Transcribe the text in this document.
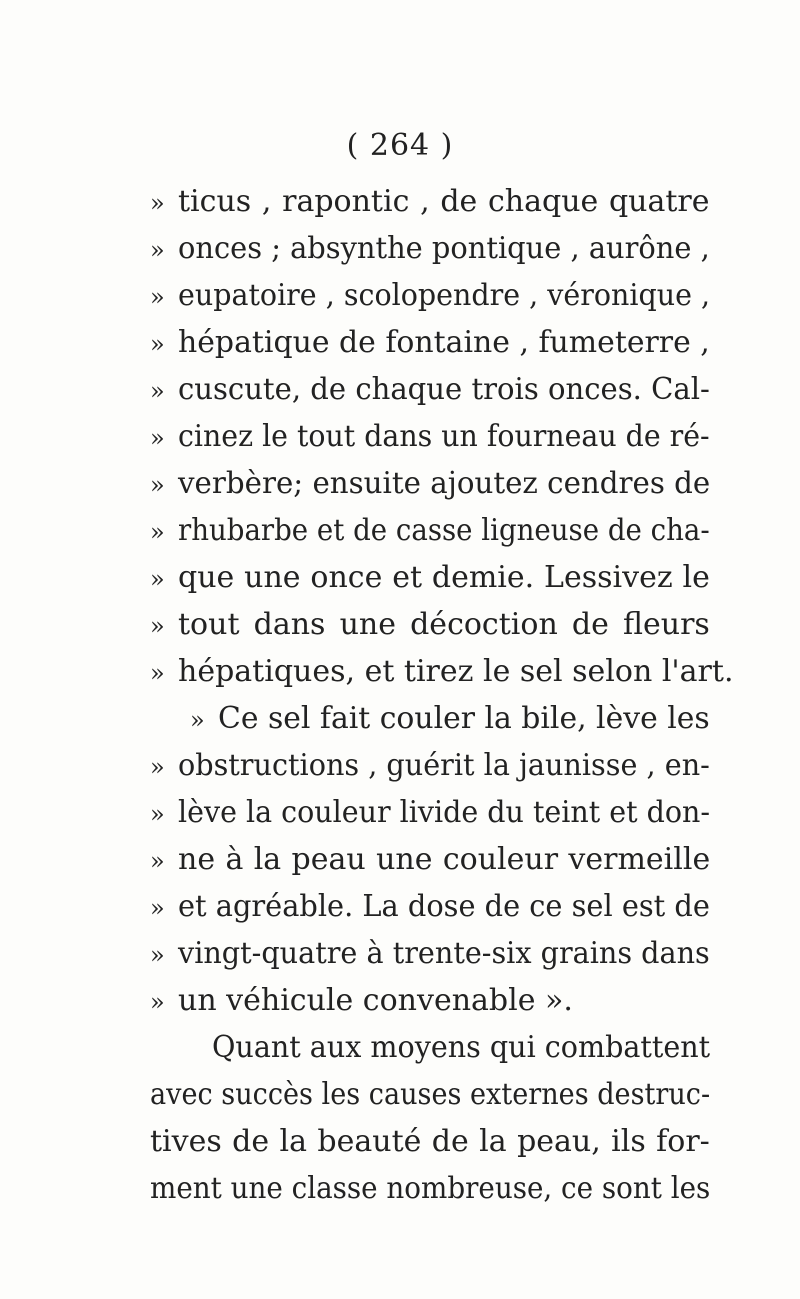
( 264 )
» ticus , rapontic , de chaque quatre
» onces ; absynthe pontique , aurône ,
» eupatoire , scolopendre , véronique ,
» hépatique de fontaine , fumeterre ,
» cuscute, de chaque trois onces. Cal-
» cinez le tout dans un fourneau de ré-
» verbère; ensuite ajoutez cendres de
» rhubarbe et de casse ligneuse de cha-
» que une once et demie. Lessivez le
» tout dans une décoction de fleurs
» hépatiques, et tirez le sel selon l'art.
» Ce sel fait couler la bile, lève les
» obstructions , guérit la jaunisse , en-
» lève la couleur livide du teint et don-
» ne à la peau une couleur vermeille
» et agréable. La dose de ce sel est de
» vingt-quatre à trente-six grains dans
» un véhicule convenable ».
Quant aux moyens qui combattent
avec succès les causes externes destruc-
tives de la beauté de la peau, ils for-
ment une classe nombreuse, ce sont les
